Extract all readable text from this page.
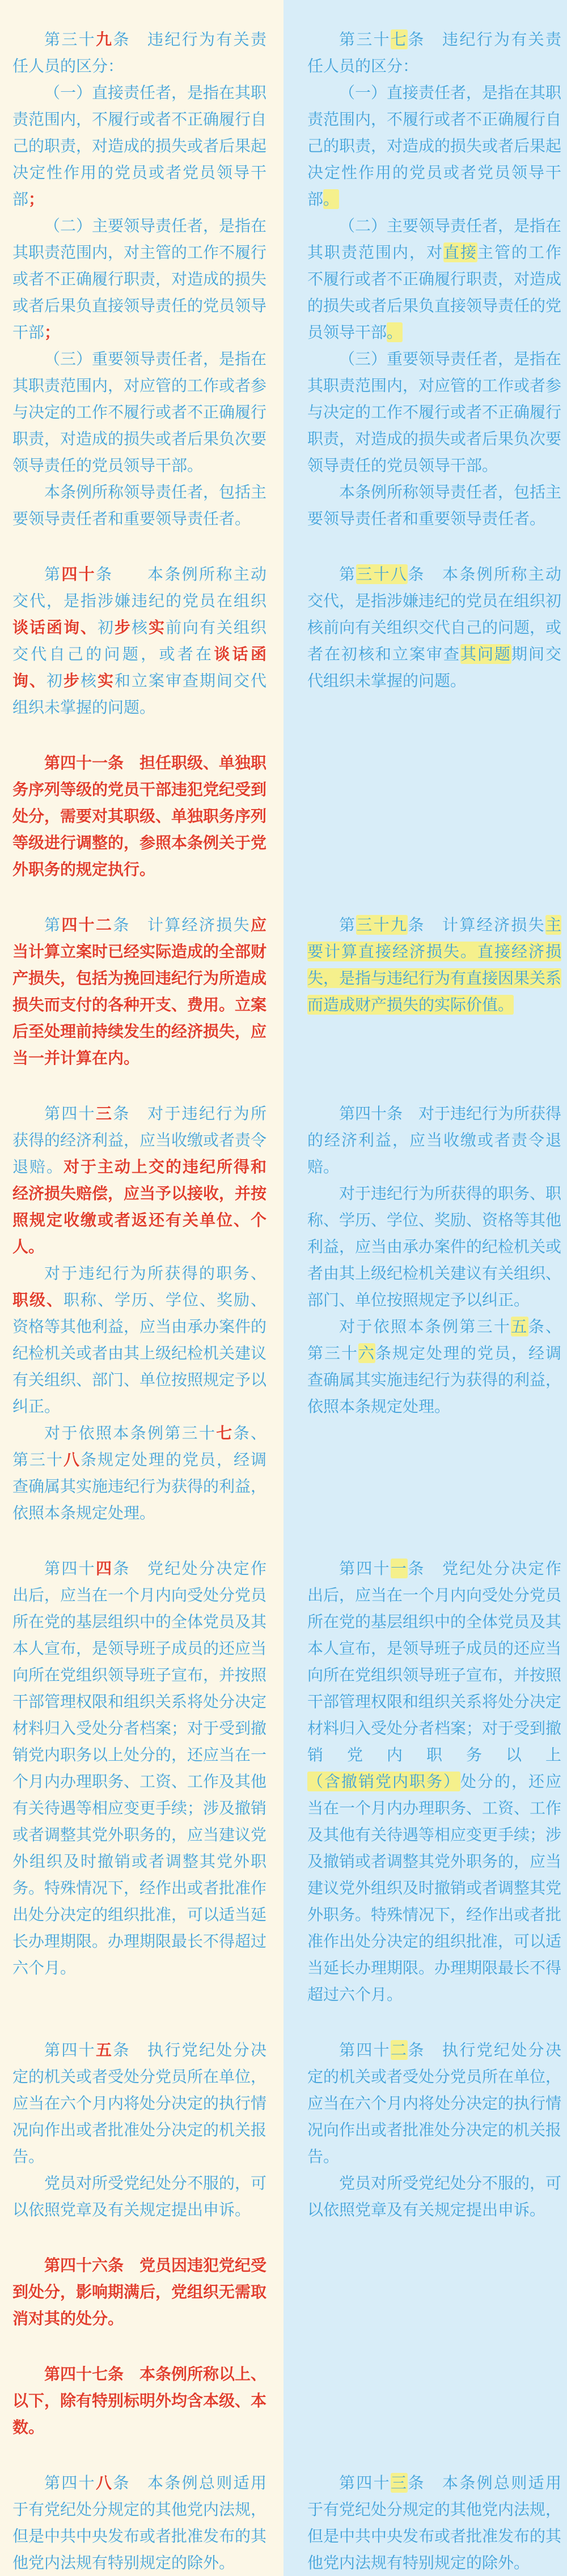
第三十九条　违纪行为有关责任人员的区分：

（一）直接责任者，是指在其职责范围内，不履行或者不正确履行自己的职责，对造成的损失或者后果起决定性作用的党员或者党员领导干部；

（二）主要领导责任者，是指在其职责范围内，对主管的工作不履行或者不正确履行职责，对造成的损失或者后果负直接领导责任的党员领导干部；

（三）重要领导责任者，是指在其职责范围内，对应管的工作或者参与决定的工作不履行或者不正确履行职责，对造成的损失或者后果负次要领导责任的党员领导干部。

本条例所称领导责任者，包括主要领导责任者和重要领导责任者。

第三十七条　违纪行为有关责任人员的区分：

（一）直接责任者，是指在其职责范围内，不履行或者不正确履行自己的职责，对造成的损失或者后果起决定性作用的党员或者党员领导干部。

（二）主要领导责任者，是指在其职责范围内，对直接主管的工作不履行或者不正确履行职责，对造成的损失或者后果负直接领导责任的党员领导干部。

（三）重要领导责任者，是指在其职责范围内，对应管的工作或者参与决定的工作不履行或者不正确履行职责，对造成的损失或者后果负次要领导责任的党员领导干部。

本条例所称领导责任者，包括主要领导责任者和重要领导责任者。

第四十条　　本条例所称主动交代，是指涉嫌违纪的党员在组织谈话函询、初步核实前向有关组织交代自己的问题，或者在谈话函询、初步核实和立案审查期间交代组织未掌握的问题。

第三十八条　本条例所称主动交代，是指涉嫌违纪的党员在组织初核前向有关组织交代自己的问题，或者在初核和立案审查其问题期间交代组织未掌握的问题。

第四十一条　担任职级、单独职务序列等级的党员干部违犯党纪受到处分，需要对其职级、单独职务序列等级进行调整的，参照本条例关于党外职务的规定执行。

第四十二条　计算经济损失应当计算立案时已经实际造成的全部财产损失，包括为挽回违纪行为所造成损失而支付的各种开支、费用。立案后至处理前持续发生的经济损失，应当一并计算在内。

第三十九条　计算经济损失主要计算直接经济损失。直接经济损失，是指与违纪行为有直接因果关系而造成财产损失的实际价值。

第四十三条　对于违纪行为所获得的经济利益，应当收缴或者责令退赔。对于主动上交的违纪所得和经济损失赔偿，应当予以接收，并按照规定收缴或者返还有关单位、个人。

对于违纪行为所获得的职务、职级、职称、学历、学位、奖励、资格等其他利益，应当由承办案件的纪检机关或者由其上级纪检机关建议有关组织、部门、单位按照规定予以纠正。

对于依照本条例第三十七条、第三十八条规定处理的党员，经调查确属其实施违纪行为获得的利益，依照本条规定处理。

第四十条　对于违纪行为所获得的经济利益，应当收缴或者责令退赔。

对于违纪行为所获得的职务、职称、学历、学位、奖励、资格等其他利益，应当由承办案件的纪检机关或者由其上级纪检机关建议有关组织、部门、单位按照规定予以纠正。

对于依照本条例第三十五条、第三十六条规定处理的党员，经调查确属其实施违纪行为获得的利益，依照本条规定处理。

第四十四条　党纪处分决定作出后，应当在一个月内向受处分党员所在党的基层组织中的全体党员及其本人宣布，是领导班子成员的还应当向所在党组织领导班子宣布，并按照干部管理权限和组织关系将处分决定材料归入受处分者档案；对于受到撤销党内职务以上处分的，还应当在一个月内办理职务、工资、工作及其他有关待遇等相应变更手续；涉及撤销或者调整其党外职务的，应当建议党外组织及时撤销或者调整其党外职务。特殊情况下，经作出或者批准作出处分决定的组织批准，可以适当延长办理期限。办理期限最长不得超过六个月。

第四十一条　党纪处分决定作出后，应当在一个月内向受处分党员所在党的基层组织中的全体党员及其本人宣布，是领导班子成员的还应当向所在党组织领导班子宣布，并按照干部管理权限和组织关系将处分决定材料归入受处分者档案；对于受到撤销党内职务以上（含撤销党内职务）处分的，还应当在一个月内办理职务、工资、工作及其他有关待遇等相应变更手续；涉及撤销或者调整其党外职务的，应当建议党外组织及时撤销或者调整其党外职务。特殊情况下，经作出或者批准作出处分决定的组织批准，可以适当延长办理期限。办理期限最长不得超过六个月。

第四十五条　执行党纪处分决定的机关或者受处分党员所在单位，应当在六个月内将处分决定的执行情况向作出或者批准处分决定的机关报告。

党员对所受党纪处分不服的，可以依照党章及有关规定提出申诉。

第四十二条　执行党纪处分决定的机关或者受处分党员所在单位，应当在六个月内将处分决定的执行情况向作出或者批准处分决定的机关报告。

党员对所受党纪处分不服的，可以依照党章及有关规定提出申诉。

第四十六条　党员因违犯党纪受到处分，影响期满后，党组织无需取消对其的处分。

第四十七条　本条例所称以上、以下，除有特别标明外均含本级、本数。

第四十八条　本条例总则适用于有党纪处分规定的其他党内法规，但是中共中央发布或者批准发布的其他党内法规有特别规定的除外。

第四十三条　本条例总则适用于有党纪处分规定的其他党内法规，但是中共中央发布或者批准发布的其他党内法规有特别规定的除外。
